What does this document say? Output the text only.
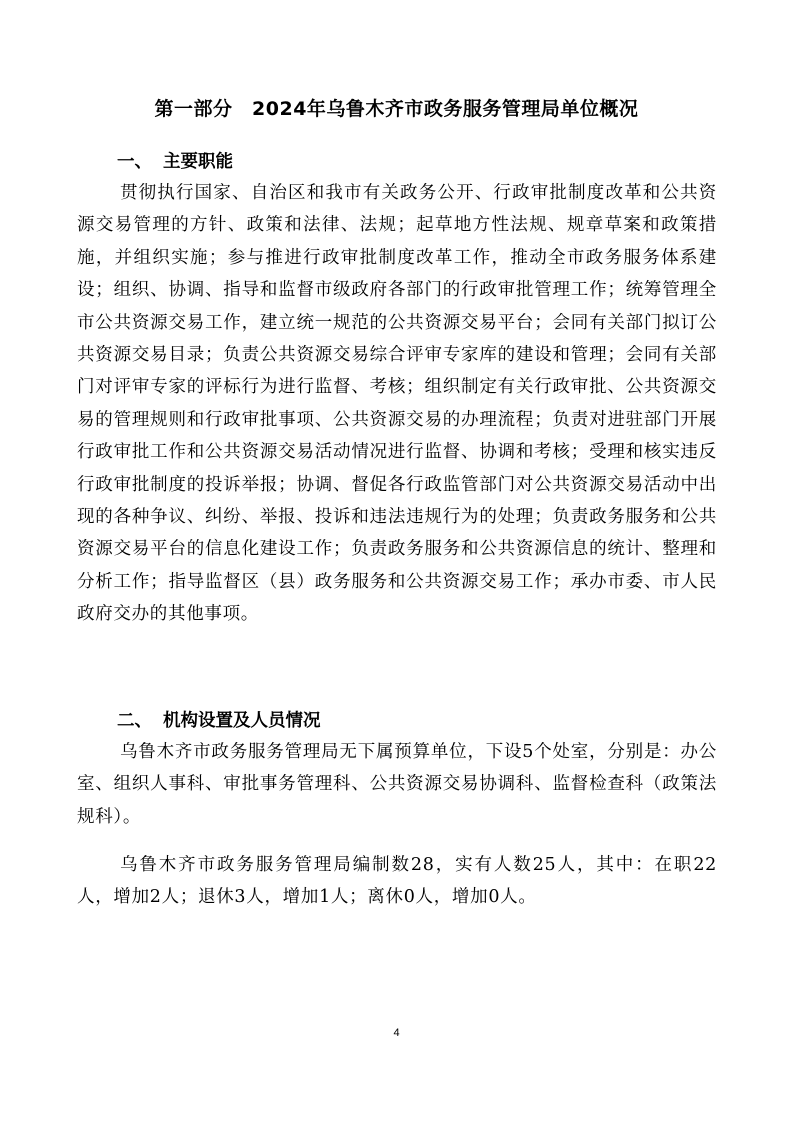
第一部分　2024年乌鲁木齐市政务服务管理局单位概况
一、 主要职能

贯彻执行国家、自治区和我市有关政务公开、行政审批制度改革和公共资源交易管理的方针、政策和法律、法规；起草地方性法规、规章草案和政策措施，并组织实施；参与推进行政审批制度改革工作，推动全市政务服务体系建设；组织、协调、指导和监督市级政府各部门的行政审批管理工作；统筹管理全市公共资源交易工作，建立统一规范的公共资源交易平台；会同有关部门拟订公共资源交易目录；负责公共资源交易综合评审专家库的建设和管理；会同有关部门对评审专家的评标行为进行监督、考核；组织制定有关行政审批、公共资源交易的管理规则和行政审批事项、公共资源交易的办理流程；负责对进驻部门开展行政审批工作和公共资源交易活动情况进行监督、协调和考核；受理和核实违反行政审批制度的投诉举报；协调、督促各行政监管部门对公共资源交易活动中出现的各种争议、纠纷、举报、投诉和违法违规行为的处理；负责政务服务和公共资源交易平台的信息化建设工作；负责政务服务和公共资源信息的统计、整理和分析工作；指导监督区（县）政务服务和公共资源交易工作；承办市委、市人民政府交办的其他事项。

二、 机构设置及人员情况

乌鲁木齐市政务服务管理局无下属预算单位，下设5个处室，分别是：办公室、组织人事科、审批事务管理科、公共资源交易协调科、监督检查科（政策法规科）。

乌鲁木齐市政务服务管理局编制数28，实有人数25人，其中：在职22人，增加2人；退休3人，增加1人；离休0人，增加0人。

4
